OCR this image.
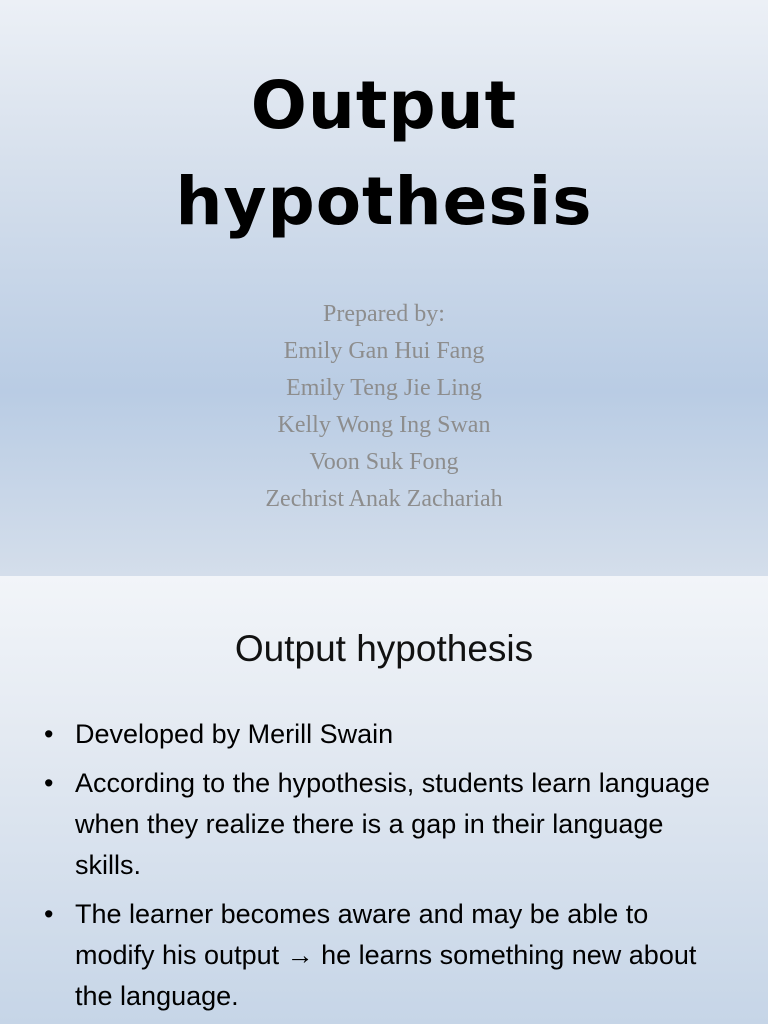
Output
hypothesis
Prepared by:
Emily Gan Hui Fang
Emily Teng Jie Ling
Kelly Wong Ing Swan
Voon Suk Fong
Zechrist Anak Zachariah
Output hypothesis
• Developed by Merill Swain
• According to the hypothesis, students learn language when they realize there is a gap in their language skills.
• The learner becomes aware and may be able to modify his output → he learns something new about the language.
